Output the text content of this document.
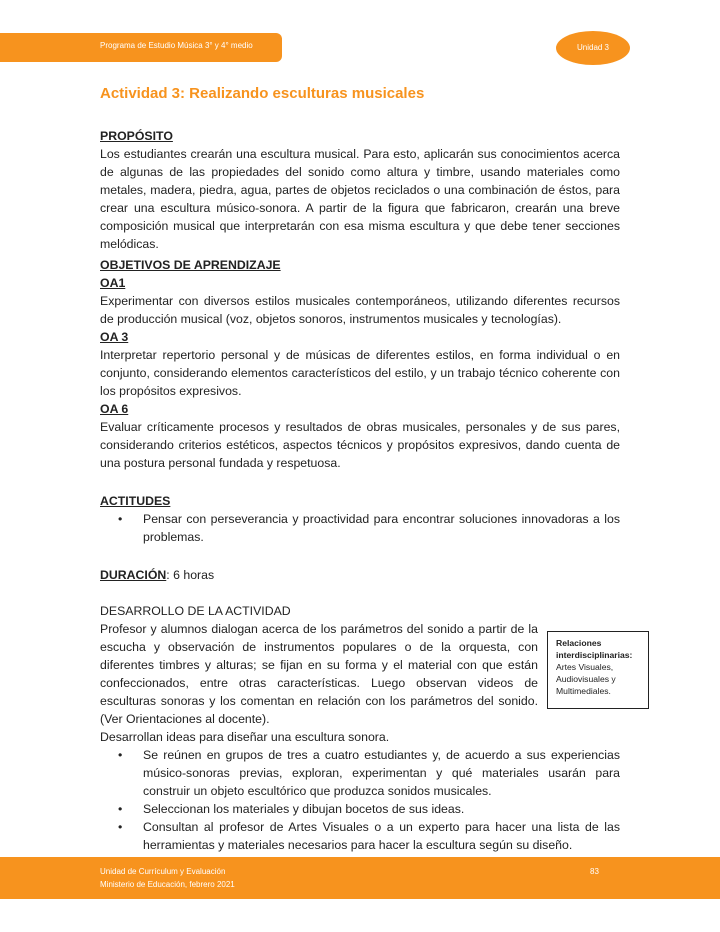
Programa de Estudio Música 3° y 4° medio	Unidad 3
Actividad 3: Realizando esculturas musicales
PROPÓSITO
Los estudiantes crearán una escultura musical. Para esto, aplicarán sus conocimientos acerca de algunas de las propiedades del sonido como altura y timbre, usando materiales como metales, madera, piedra, agua, partes de objetos reciclados o una combinación de éstos, para crear una escultura músico-sonora. A partir de la figura que fabricaron, crearán una breve composición musical que interpretarán con esa misma escultura y que debe tener secciones melódicas.
OBJETIVOS DE APRENDIZAJE
OA1
Experimentar con diversos estilos musicales contemporáneos, utilizando diferentes recursos de producción musical (voz, objetos sonoros, instrumentos musicales y tecnologías).
OA 3
Interpretar repertorio personal y de músicas de diferentes estilos, en forma individual o en conjunto, considerando elementos característicos del estilo, y un trabajo técnico coherente con los propósitos expresivos.
OA 6
Evaluar críticamente procesos y resultados de obras musicales, personales y de sus pares, considerando criterios estéticos, aspectos técnicos y propósitos expresivos, dando cuenta de una postura personal fundada y respetuosa.
ACTITUDES
• Pensar con perseverancia y proactividad para encontrar soluciones innovadoras a los problemas.
DURACIÓN: 6 horas
DESARROLLO DE LA ACTIVIDAD
Profesor y alumnos dialogan acerca de los parámetros del sonido a partir de la escucha y observación de instrumentos populares o de la orquesta, con diferentes timbres y alturas; se fijan en su forma y el material con que están confeccionados, entre otras características. Luego observan videos de esculturas sonoras y los comentan en relación con los parámetros del sonido. (Ver Orientaciones al docente).
Desarrollan ideas para diseñar una escultura sonora.
• Se reúnen en grupos de tres a cuatro estudiantes y, de acuerdo a sus experiencias músico-sonoras previas, exploran, experimentan y qué materiales usarán para construir un objeto escultórico que produzca sonidos musicales.
• Seleccionan los materiales y dibujan bocetos de sus ideas.
• Consultan al profesor de Artes Visuales o a un experto para hacer una lista de las herramientas y materiales necesarios para hacer la escultura según su diseño.
Relaciones interdisciplinarias:
Artes Visuales,
Audiovisuales y
Multimediales.
Unidad de Currículum y Evaluación
Ministerio de Educación, febrero 2021
83
